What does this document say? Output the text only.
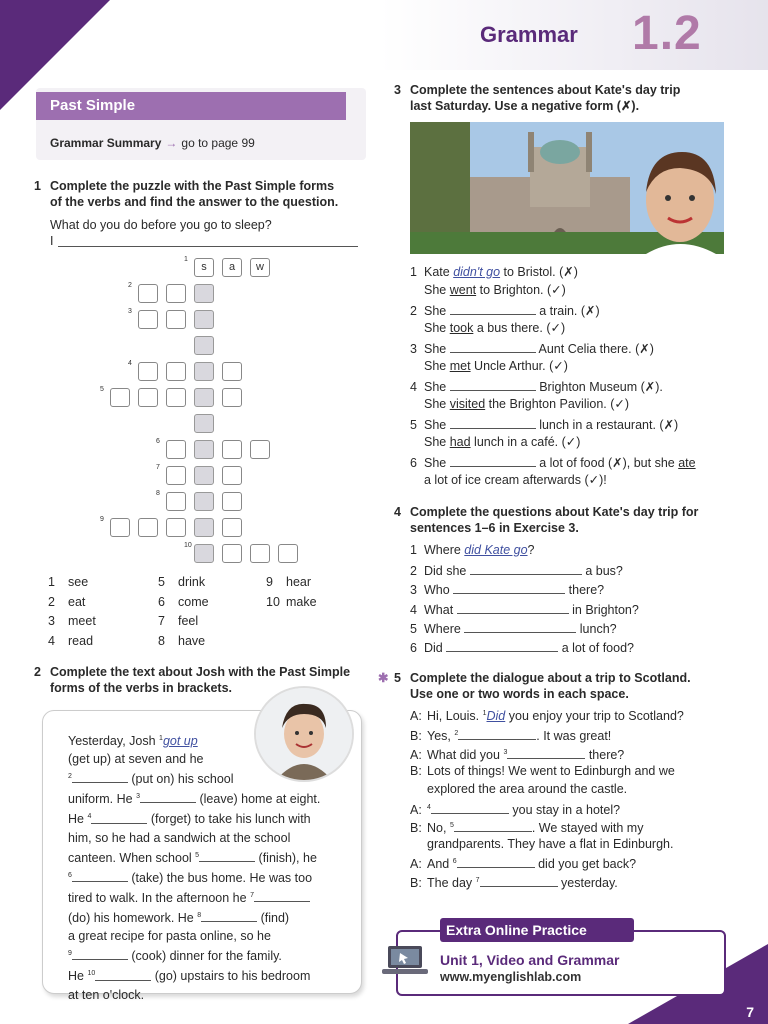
Grammar 1.2
7
Past Simple
Grammar Summary → go to page 99
1 Complete the puzzle with the Past Simple forms
of the verbs and find the answer to the question.
What do you do before you go to sleep?
I
1
s	a	w
2
3
4
5
6
7
8
9
10
1 see
2 eat
3 meet
4 read
5 drink
6 come
7 feel
8 have
9 hear
10 make
2 Complete the text about Josh with the Past Simple
forms of the verbs in brackets.
Yesterday, Josh $^1$got up
(get up) at seven and he
$^2$	(put on) his school
uniform. He $^3$	(leave) home at eight.
He $^4$	(forget) to take his lunch with
him, so he had a sandwich at the school
canteen. When school $^5$	(finish), he
$^6$	(take) the bus home. He was too
tired to walk. In the afternoon he $^7$
(do) his homework. He $^8$	(find)
a great recipe for pasta online, so he
$^9$	(cook) dinner for the family.
He $^{10}$	(go) upstairs to his bedroom
at ten o'clock.
3 Complete the sentences about Kate's day trip
last Saturday. Use a negative form (✗).
1 Kate didn't go to Bristol. (✗)
She went to Brighton. (✓)
2 She	a train. (✗)
She took a bus there. (✓)
3 She	Aunt Celia there. (✗)
She met Uncle Arthur. (✓)
4 She	Brighton Museum (✗).
She visited the Brighton Pavilion. (✓)
5 She	lunch in a restaurant. (✗)
She had lunch in a café. (✓)
6 She	a lot of food (✗), but she ate
a lot of ice cream afterwards (✓)!
4 Complete the questions about Kate's day trip for
sentences 1–6 in Exercise 3.
1 Where did Kate go?
2 Did she	a bus?
3 Who	there?
4 What	in Brighton?
5 Where	lunch?
6 Did	a lot of food?
✱ 5 Complete the dialogue about a trip to Scotland.
Use one or two words in each space.
A: Hi, Louis. $^1$Did you enjoy your trip to Scotland?
B: Yes, $^2$	. It was great!
A: What did you $^3$	there?
B: Lots of things! We went to Edinburgh and we
explored the area around the castle.
A: $^4$	you stay in a hotel?
B: No, $^5$	. We stayed with my
grandparents. They have a flat in Edinburgh.
A: And $^6$	did you get back?
B: The day $^7$	yesterday.
Extra Online Practice
Unit 1, Video and Grammar
www.myenglishlab.com
